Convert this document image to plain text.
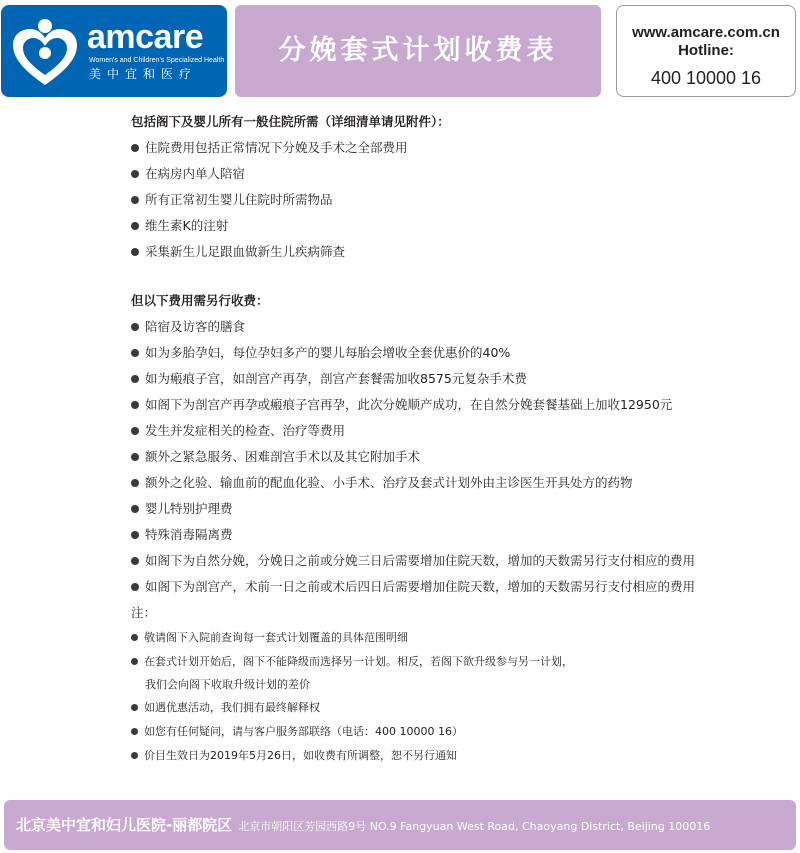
amcare
Women's and Children's Specialized Health
美中宜和医疗
分娩套式计划收费表
www.amcare.com.cn
Hotline:
400 10000 16
包括阁下及婴儿所有一般住院所需（详细清单请见附件）：
住院费用包括正常情况下分娩及手术之全部费用
在病房内单人陪宿
所有正常初生婴儿住院时所需物品
维生素K的注射
采集新生儿足跟血做新生儿疾病筛查
但以下费用需另行收费：
陪宿及访客的膳食
如为多胎孕妇，每位孕妇多产的婴儿每胎会增收全套优惠价的40%
如为瘢痕子宫，如剖宫产再孕，剖宫产套餐需加收8575元复杂手术费
如阁下为剖宫产再孕或瘢痕子宫再孕，此次分娩顺产成功，在自然分娩套餐基础上加收12950元
发生并发症相关的检查、治疗等费用
额外之紧急服务、困难剖宫手术以及其它附加手术
额外之化验、输血前的配血化验、小手术、治疗及套式计划外由主诊医生开具处方的药物
婴儿特别护理费
特殊消毒隔离费
如阁下为自然分娩，分娩日之前或分娩三日后需要增加住院天数，增加的天数需另行支付相应的费用
如阁下为剖宫产，术前一日之前或术后四日后需要增加住院天数，增加的天数需另行支付相应的费用
注：
敬请阁下入院前查询每一套式计划覆盖的具体范围明细
在套式计划开始后，阁下不能降级而选择另一计划。相反，若阁下欲升级参与另一计划，
我们会向阁下收取升级计划的差价
如遇优惠活动，我们拥有最终解释权
如您有任何疑问，请与客户服务部联络（电话：400 10000 16）
价目生效日为2019年5月26日，如收费有所调整，恕不另行通知
北京美中宜和妇儿医院-丽都院区 北京市朝阳区芳园西路9号 NO.9 Fangyuan West Road, Chaoyang District, Beijing 100016
